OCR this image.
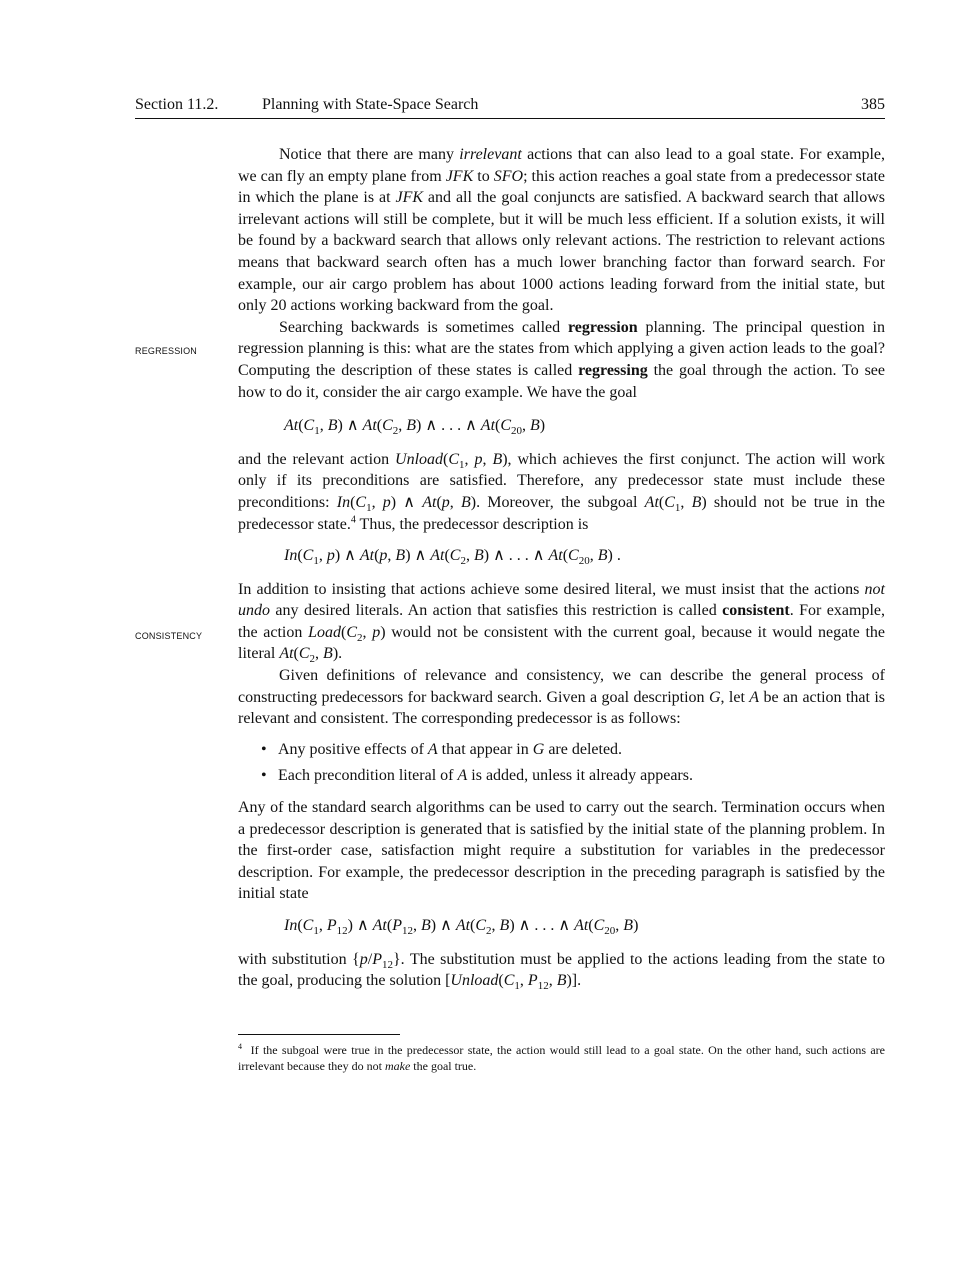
Section 11.2.	Planning with State-Space Search	385
REGRESSION
CONSISTENCY

Notice that there are many irrelevant actions that can also lead to a goal state. For example, we can fly an empty plane from JFK to SFO; this action reaches a goal state from a predecessor state in which the plane is at JFK and all the goal conjuncts are satisfied. A backward search that allows irrelevant actions will still be complete, but it will be much less efficient. If a solution exists, it will be found by a backward search that allows only relevant actions. The restriction to relevant actions means that backward search often has a much lower branching factor than forward search. For example, our air cargo problem has about 1000 actions leading forward from the initial state, but only 20 actions working backward from the goal.

Searching backwards is sometimes called regression planning. The principal question in regression planning is this: what are the states from which applying a given action leads to the goal? Computing the description of these states is called regressing the goal through the action. To see how to do it, consider the air cargo example. We have the goal

$At(C_1$, B) ∧ $At(C_2$, B) ∧ . . . ∧ $At(C_{20}$, B)

and the relevant action $Unload(C_1$, p, B), which achieves the first conjunct. The action will work only if its preconditions are satisfied. Therefore, any predecessor state must include these preconditions: $In(C_1$, p) ∧ At(p, B). Moreover, the subgoal $At(C_1$, B) should not be true in the predecessor state.$^4$ Thus, the predecessor description is

$In(C_1$, p) ∧ At(p, B) ∧ $At(C_2$, B) ∧ . . . ∧ $At(C_{20}$, B) .

In addition to insisting that actions achieve some desired literal, we must insist that the actions not undo any desired literals. An action that satisfies this restriction is called consistent. For example, the action $Load(C_2$, p) would not be consistent with the current goal, because it would negate the literal $At(C_2$, B).

Given definitions of relevance and consistency, we can describe the general process of constructing predecessors for backward search. Given a goal description G, let A be an action that is relevant and consistent. The corresponding predecessor is as follows:

• Any positive effects of A that appear in G are deleted.
• Each precondition literal of A is added, unless it already appears.

Any of the standard search algorithms can be used to carry out the search. Termination occurs when a predecessor description is generated that is satisfied by the initial state of the planning problem. In the first-order case, satisfaction might require a substitution for variables in the predecessor description. For example, the predecessor description in the preceding paragraph is satisfied by the initial state

$In(C_1$, $P_{12}$) ∧ $At(P_{12}$, B) ∧ $At(C_2$, B) ∧ . . . ∧ $At(C_{20}$, B)

with substitution $\{p/P_{12}\}$. The substitution must be applied to the actions leading from the state to the goal, producing the solution [$Unload(C_1$, $P_{12}$, B)].

$^4$ If the subgoal were true in the predecessor state, the action would still lead to a goal state. On the other hand, such actions are irrelevant because they do not make the goal true.
